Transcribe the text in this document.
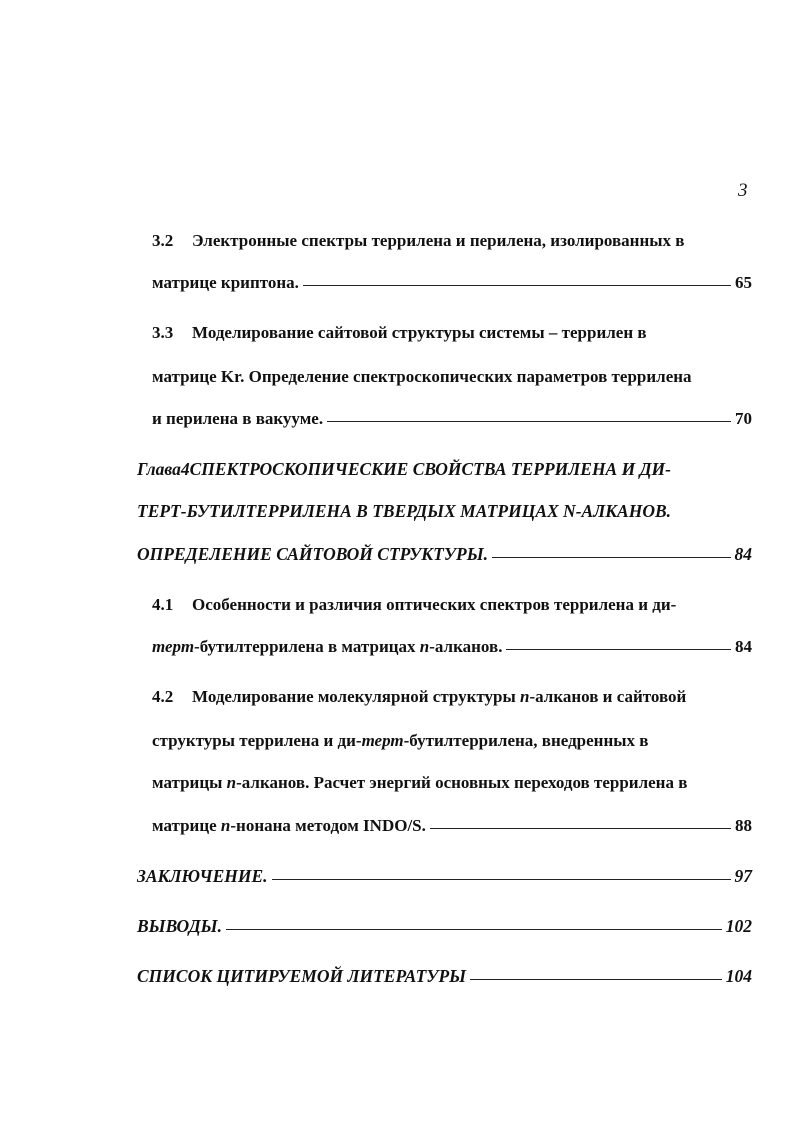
3
3.2 Электронные спектры террилена и перилена, изолированных в
матрице криптона.	65
3.3 Моделирование сайтовой структуры системы – террилен в
матрице Kr. Определение спектроскопических параметров террилена
и перилена в вакууме.	70
Глава4СПЕКТРОСКОПИЧЕСКИЕ СВОЙСТВА ТЕРРИЛЕНА И ДИ-
ТЕРТ-БУТИЛТЕРРИЛЕНА В ТВЕРДЫХ МАТРИЦАХ N-АЛКАНОВ.
ОПРЕДЕЛЕНИЕ САЙТОВОЙ СТРУКТУРЫ.	84
4.1 Особенности и различия оптических спектров террилена и ди-
терт-бутилтеррилена в матрицах n-алканов.	84
4.2 Моделирование молекулярной структуры n-алканов и сайтовой
структуры террилена и ди-терт-бутилтеррилена, внедренных в
матрицы n-алканов. Расчет энергий основных переходов террилена в
матрице n-нонана методом INDO/S.	88
ЗАКЛЮЧЕНИЕ.	97
ВЫВОДЫ.	102
СПИСОК ЦИТИРУЕМОЙ ЛИТЕРАТУРЫ	104
